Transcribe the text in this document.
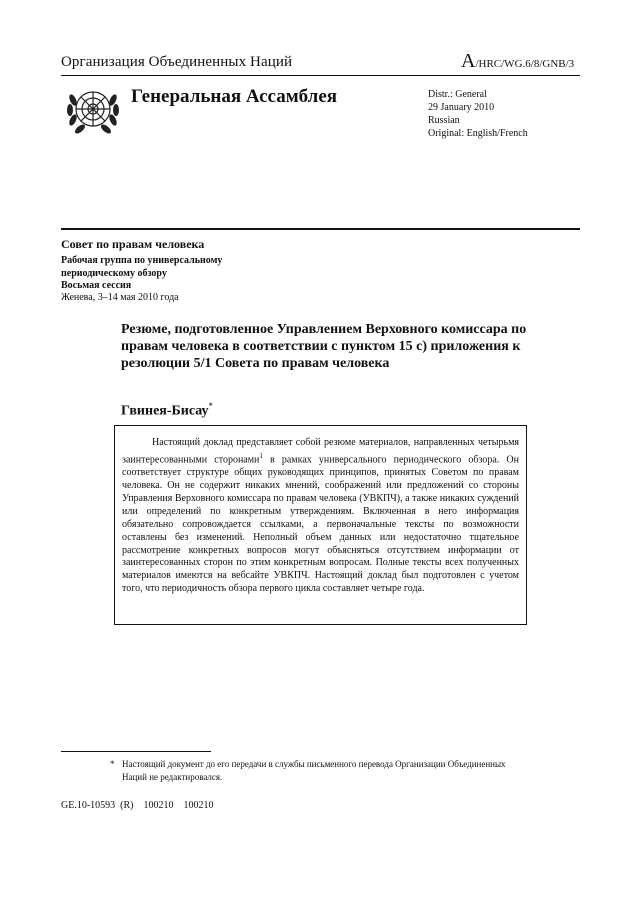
Организация Объединенных Наций	A/HRC/WG.6/8/GNB/3
Генеральная Ассамблея	Distr.: General
29 January 2010
Russian
Original: English/French
Совет по правам человека
Рабочая группа по универсальному периодическому обзору
Восьмая сессия
Женева, 3–14 мая 2010 года
Резюме, подготовленное Управлением Верховного комиссара по правам человека в соответствии с пунктом 15 с) приложения к резолюции 5/1 Совета по правам человека
Гвинея-Бисау*
Настоящий доклад представляет собой резюме материалов, направленных четырьмя заинтересованными сторонами$^1$ в рамках универсального периодического обзора. Он соответствует структуре общих руководящих принципов, принятых Советом по правам человека. Он не содержит никаких мнений, соображений или предложений со стороны Управления Верховного комиссара по правам человека (УВКПЧ), а также никаких суждений или определений по конкретным утверждениям. Включенная в него информация обязательно сопровождается ссылками, а первоначальные тексты по возможности оставлены без изменений. Неполный объем данных или недостаточно тщательное рассмотрение конкретных вопросов могут объясняться отсутствием информации от заинтересованных сторон по этим конкретным вопросам. Полные тексты всех полученных материалов имеются на вебсайте УВКПЧ. Настоящий доклад был подготовлен с учетом того, что периодичность обзора первого цикла составляет четыре года.
* Настоящий документ до его передачи в службы письменного перевода Организации Объединенных Наций не редактировался.
GE.10-10593  (R)    100210    100210
